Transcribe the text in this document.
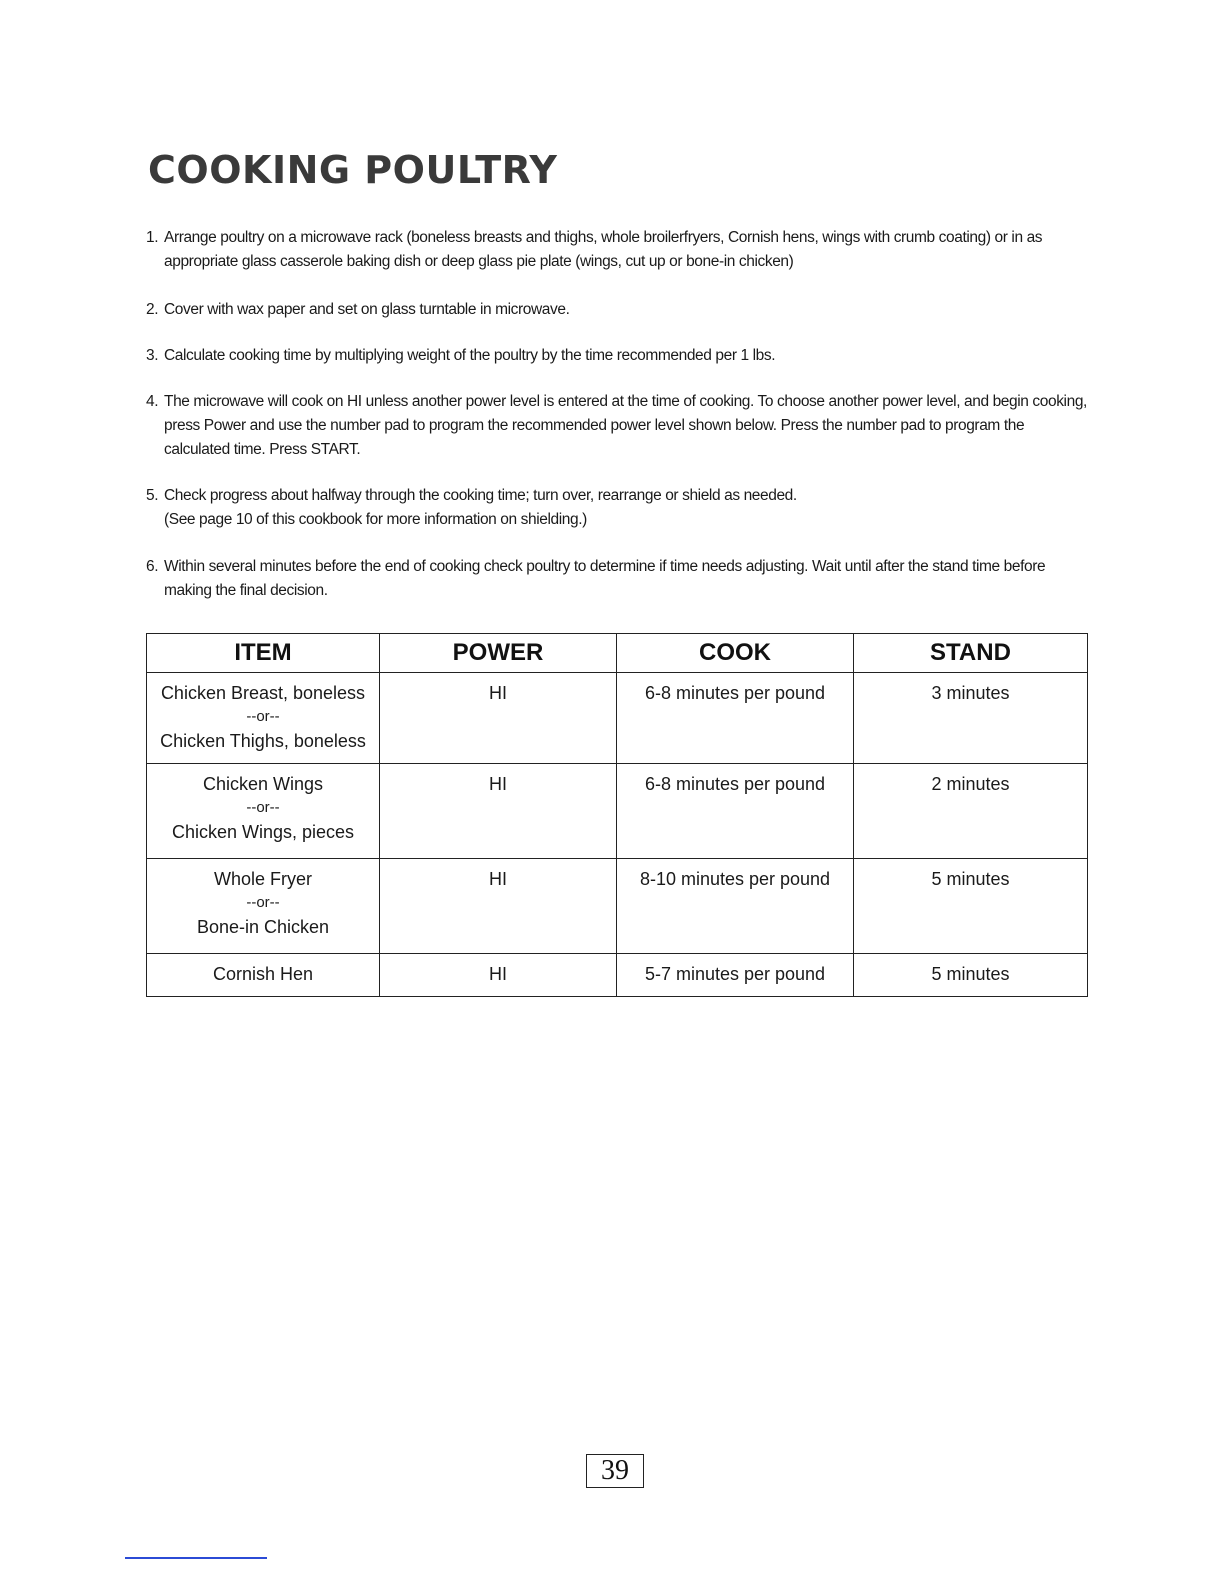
COOKING POULTRY
1. Arrange poultry on a microwave rack (boneless breasts and thighs, whole broilerfryers, Cornish hens, wings with crumb coating) or in as appropriate glass casserole baking dish or deep glass pie plate (wings, cut up or bone-in chicken)
2. Cover with wax paper and set on glass turntable in microwave.
3. Calculate cooking time by multiplying weight of the poultry by the time recommended per 1 lbs.
4. The microwave will cook on HI unless another power level is entered at the time of cooking. To choose another power level, and begin cooking, press Power and use the number pad to program the recommended power level shown below. Press the number pad to program the calculated time. Press START.
5. Check progress about halfway through the cooking time; turn over, rearrange or shield as needed.
(See page 10 of this cookbook for more information on shielding.)
6. Within several minutes before the end of cooking check poultry to determine if time needs adjusting. Wait until after the stand time before making the final decision.
ITEM	POWER	COOK	STAND

Chicken Breast, boneless
--or--
Chicken Thighs, boneless	HI	6-8 minutes per pound	3 minutes

Chicken Wings
--or--
Chicken Wings, pieces	HI	6-8 minutes per pound	2 minutes

Whole Fryer
--or--
Bone-in Chicken	HI	8-10 minutes per pound	5 minutes
Cornish Hen	HI	5-7 minutes per pound	5 minutes
39
